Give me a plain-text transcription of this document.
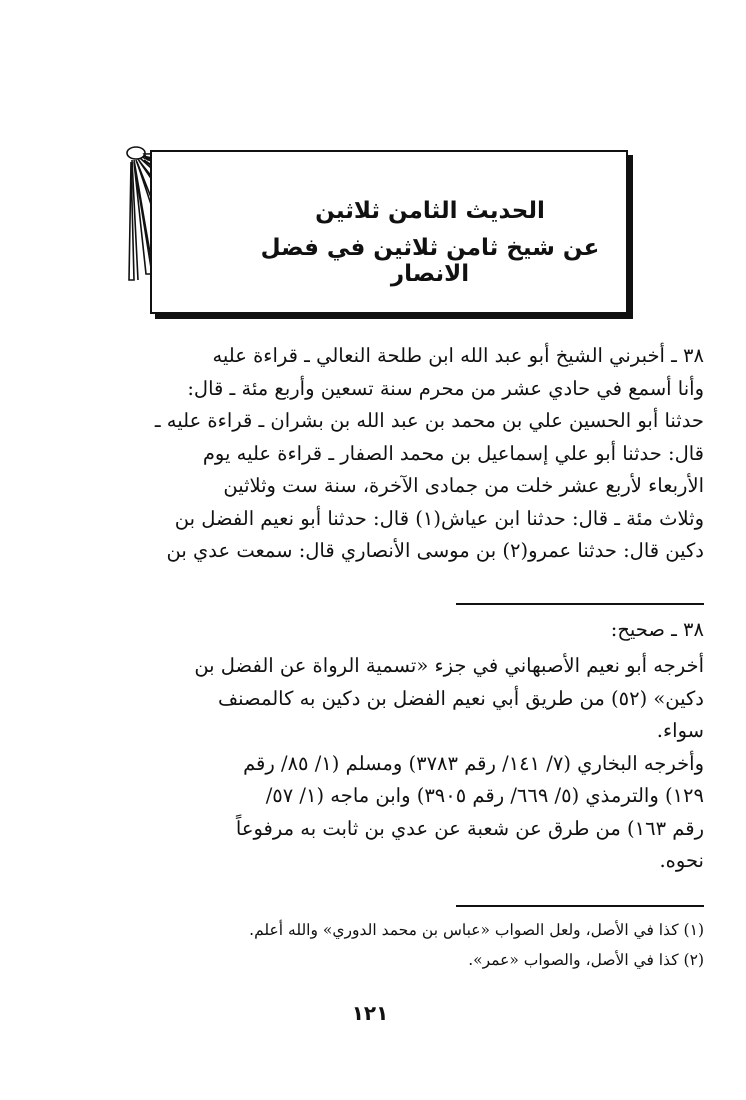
الحديث الثامن ثلاثين
عن شيخ ثامن ثلاثين في فضل الانصار
٣٨ ـ أخبرني الشيخ أبو عبد الله ابن طلحة النعالي ـ قراءة عليه
وأنا أسمع في حادي عشر من محرم سنة تسعين وأربع مئة ـ قال:
حدثنا أبو الحسين علي بن محمد بن عبد الله بن بشران ـ قراءة عليه ـ
قال: حدثنا أبو علي إسماعيل بن محمد الصفار ـ قراءة عليه يوم
الأربعاء لأربع عشر خلت من جمادى الآخرة، سنة ست وثلاثين
وثلاث مئة ـ قال: حدثنا ابن عياش(١) قال: حدثنا أبو نعيم الفضل بن
دكين قال: حدثنا عمرو(٢) بن موسى الأنصاري قال: سمعت عدي بن
٣٨ ـ صحيح:
أخرجه أبو نعيم الأصبهاني في جزء «تسمية الرواة عن الفضل بن
دكين» (٥٢) من طريق أبي نعيم الفضل بن دكين به كالمصنف
سواء.
وأخرجه البخاري (٧/ ١٤١/ رقم ٣٧٨٣) ومسلم (١/ ٨٥/ رقم
١٢٩) والترمذي (٥/ ٦٦٩/ رقم ٣٩٠٥) وابن ماجه (١/ ٥٧/
رقم ١٦٣) من طرق عن شعبة عن عدي بن ثابت به مرفوعاً
نحوه.
(١) كذا في الأصل، ولعل الصواب «عباس بن محمد الدوري» والله أعلم.
(٢) كذا في الأصل، والصواب «عمر».
١٢١
